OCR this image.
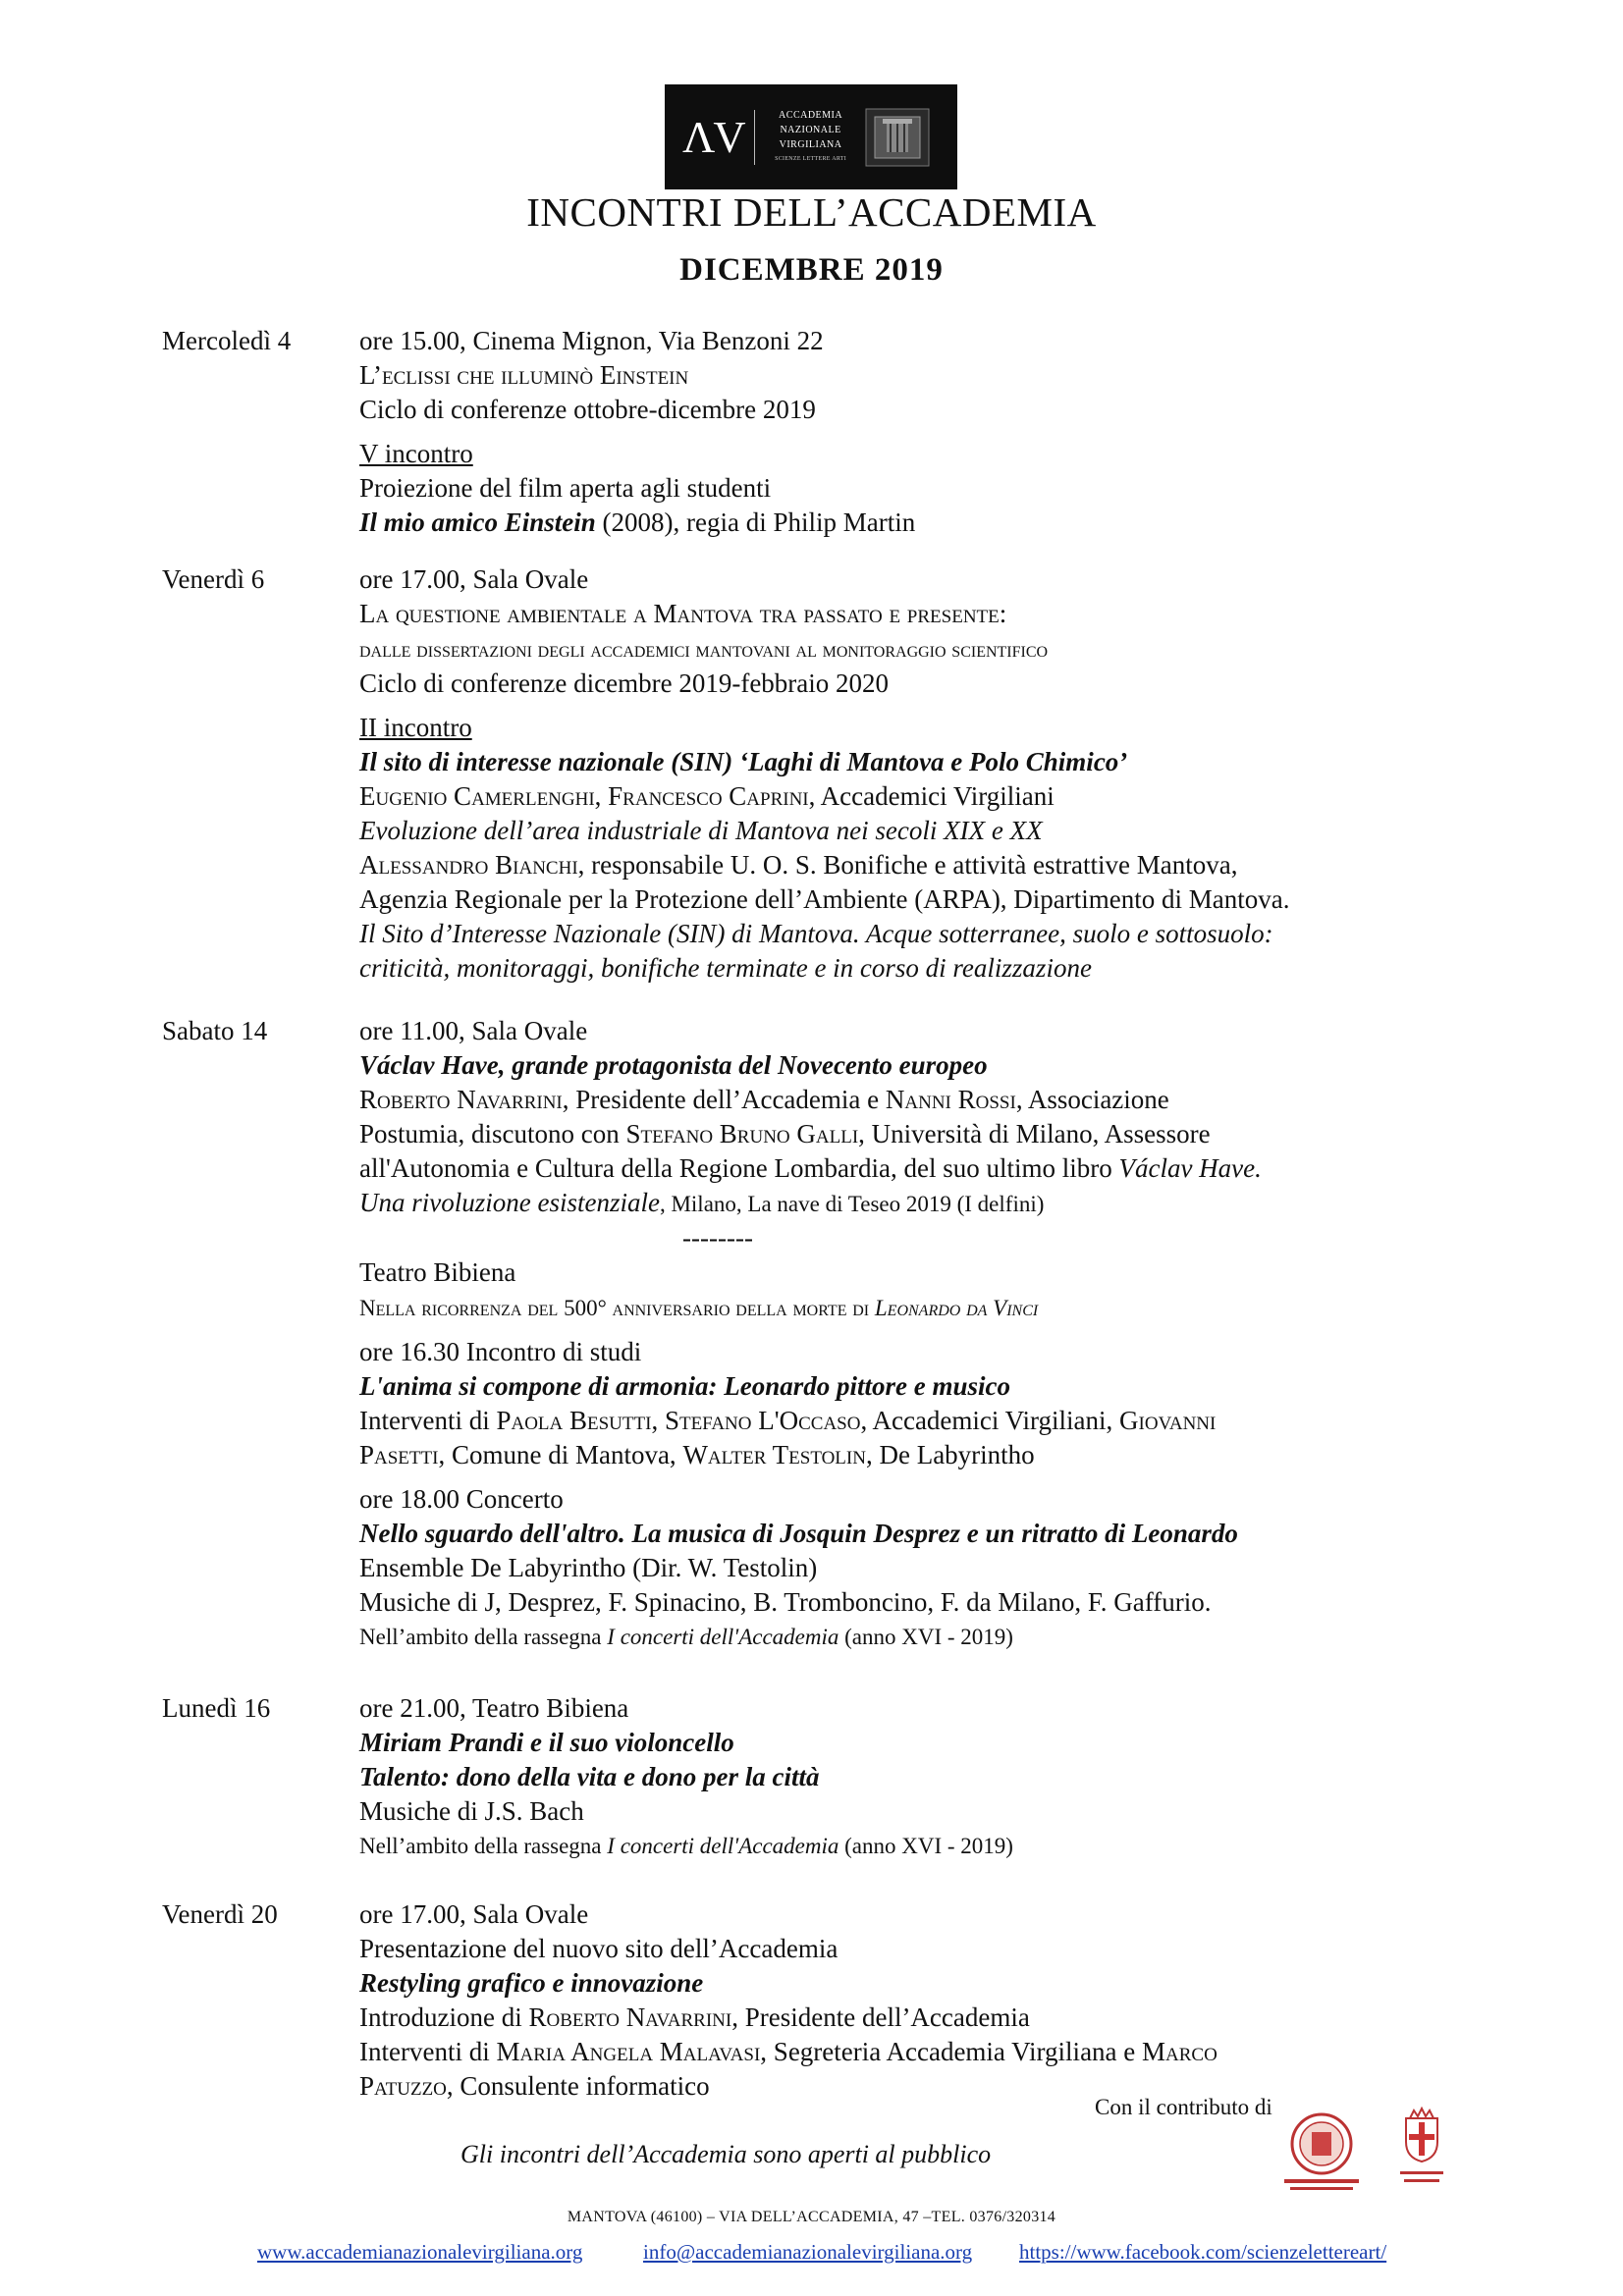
ΛV	ACCADEMIA
NAZIONALE
VIRGILIANA
SCIENZE LETTERE ARTI
INCONTRI DELL’ACCADEMIA
DICEMBRE 2019
Mercoledì 4	ore 15.00, Cinema Mignon, Via Benzoni 22
L’eclissi che illuminò Einstein
Ciclo di conferenze ottobre-dicembre 2019
V incontro
Proiezione del film aperta agli studenti
Il mio amico Einstein (2008), regia di Philip Martin
Venerdì 6	ore 17.00, Sala Ovale
La questione ambientale a Mantova tra passato e presente:
dalle dissertazioni degli accademici mantovani al monitoraggio scientifico
Ciclo di conferenze dicembre 2019-febbraio 2020
II incontro
Il sito di interesse nazionale (SIN) ‘Laghi di Mantova e Polo Chimico’
Eugenio Camerlenghi, Francesco Caprini, Accademici Virgiliani
Evoluzione dell’area industriale di Mantova nei secoli XIX e XX
Alessandro Bianchi, responsabile U. O. S. Bonifiche e attività estrattive Mantova,
Agenzia Regionale per la Protezione dell’Ambiente (ARPA), Dipartimento di Mantova.
Il Sito d’Interesse Nazionale (SIN) di Mantova. Acque sotterranee, suolo e sottosuolo:
criticità, monitoraggi, bonifiche terminate e in corso di realizzazione
Sabato 14	ore 11.00, Sala Ovale
Václav Have, grande protagonista del Novecento europeo
Roberto Navarrini, Presidente dell’Accademia e Nanni Rossi, Associazione
Postumia, discutono con Stefano Bruno Galli, Università di Milano, Assessore
all'Autonomia e Cultura della Regione Lombardia, del suo ultimo libro Václav Have.
Una rivoluzione esistenziale, Milano, La nave di Teseo 2019 (I delfini)
--------
Teatro Bibiena
Nella ricorrenza del 500° anniversario della morte di Leonardo da Vinci
ore 16.30 Incontro di studi
L'anima si compone di armonia: Leonardo pittore e musico
Interventi di Paola Besutti, Stefano L'Occaso, Accademici Virgiliani, Giovanni
Pasetti, Comune di Mantova, Walter Testolin, De Labyrintho
ore 18.00 Concerto
Nello sguardo dell'altro. La musica di Josquin Desprez e un ritratto di Leonardo
Ensemble De Labyrintho (Dir. W. Testolin)
Musiche di J, Desprez, F. Spinacino, B. Tromboncino, F. da Milano, F. Gaffurio.
Nell’ambito della rassegna I concerti dell'Accademia (anno XVI - 2019)
Lunedì 16	ore 21.00, Teatro Bibiena
Miriam Prandi e il suo violoncello
Talento: dono della vita e dono per la città
Musiche di J.S. Bach
Nell’ambito della rassegna I concerti dell'Accademia (anno XVI - 2019)
Venerdì 20	ore 17.00, Sala Ovale
Presentazione del nuovo sito dell’Accademia
Restyling grafico e innovazione
Introduzione di Roberto Navarrini, Presidente dell’Accademia
Interventi di Maria Angela Malavasi, Segreteria Accademia Virgiliana e Marco
Patuzzo, Consulente informatico
Con il contributo di
Gli incontri dell’Accademia sono aperti al pubblico
MANTOVA (46100) – VIA DELL’ACCADEMIA, 47 –TEL. 0376/320314
www.accademianazionalevirgiliana.org	info@accademianazionalevirgiliana.org https://www.facebook.com/scienzelettereart/
